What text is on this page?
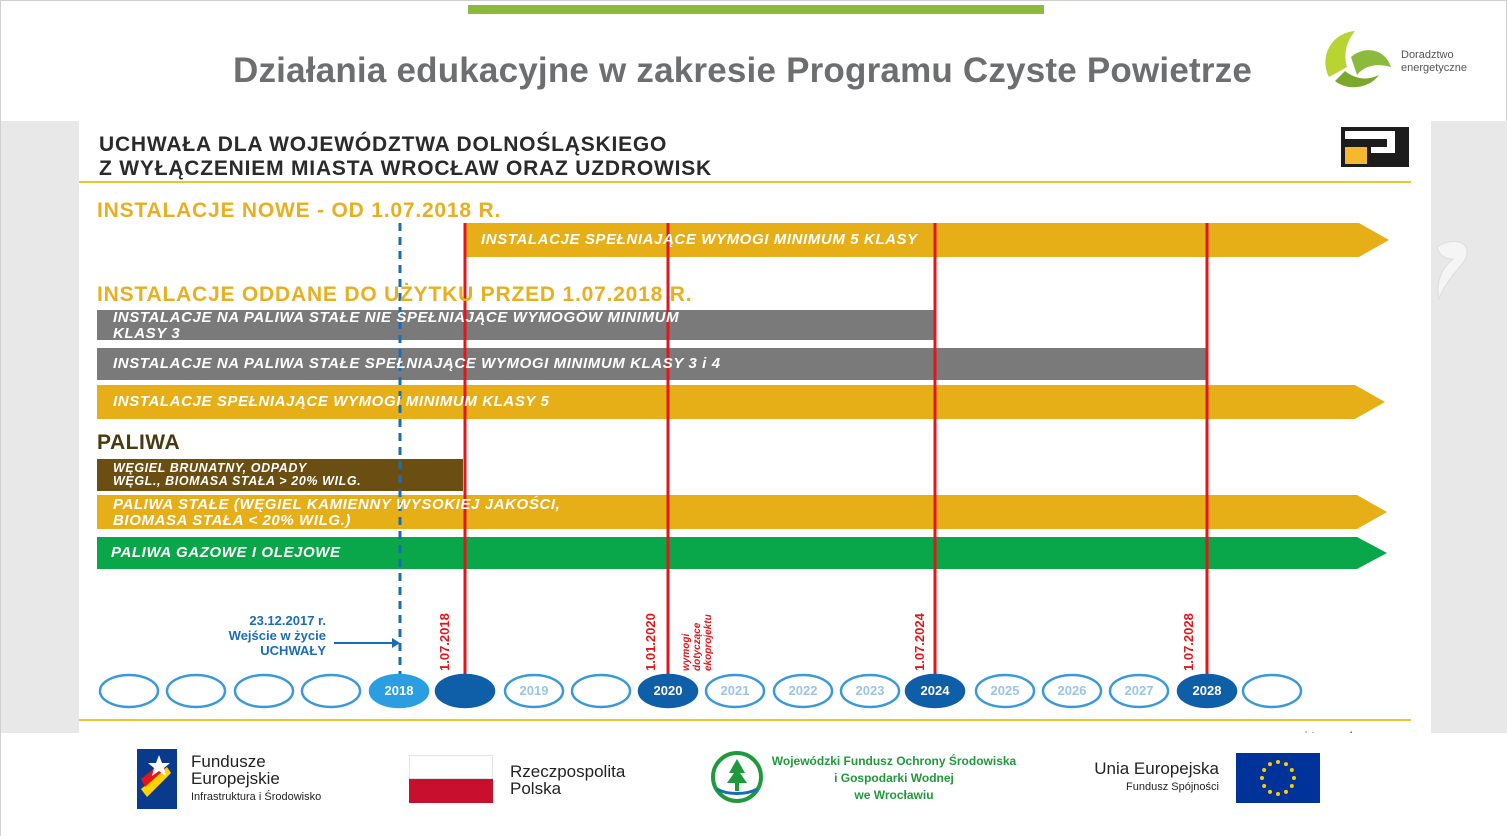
Działania edukacyjne w zakresie Programu Czyste Powietrze	Doradztwo
energetyczne
UCHWAŁA DLA WOJEWÓDZTWA DOLNOŚLĄSKIEGO
Z WYŁĄCZENIEM MIASTA WROCŁAW ORAZ UZDROWISK
INSTALACJE NOWE - OD 1.07.2018 R.
INSTALACJE ODDANE DO UŻYTKU PRZED 1.07.2018 R.
PALIWA
INSTALACJE SPEŁNIAJĄCE WYMOGI MINIMUM 5 KLASY
INSTALACJE NA PALIWA STAŁE NIE SPEŁNIAJĄCE WYMOGÓW MINIMUM
KLASY 3
INSTALACJE NA PALIWA STAŁE SPEŁNIAJĄCE WYMOGI MINIMUM KLASY 3 i 4
INSTALACJE SPEŁNIAJĄCE WYMOGI MINIMUM KLASY 5
WĘGIEL BRUNATNY, ODPADY
WĘGL., BIOMASA STAŁA > 20% WILG.
PALIWA STAŁE (WĘGIEL KAMIENNY WYSOKIEJ JAKOŚCI,
BIOMASA STAŁA < 20% WILG.)
PALIWA GAZOWE I OLEJOWE
1.07.2018	1.01.2020 wymogi dotyczące ekoprojektu	1.07.2024	1.07.2028
23.12.2017 r.
Wejście w życie
UCHWAŁY
2018	2019	2020	2021	2022	2023	2024	2025	2026	2027	2028
Fundusze
Europejskie
Infrastruktura i Środowisko
Rzeczpospolita
Polska
Wojewódzki Fundusz Ochrony Środowiska
i Gospodarki Wodnej
we Wrocławiu
Unia Europejska
Fundusz Spójności
